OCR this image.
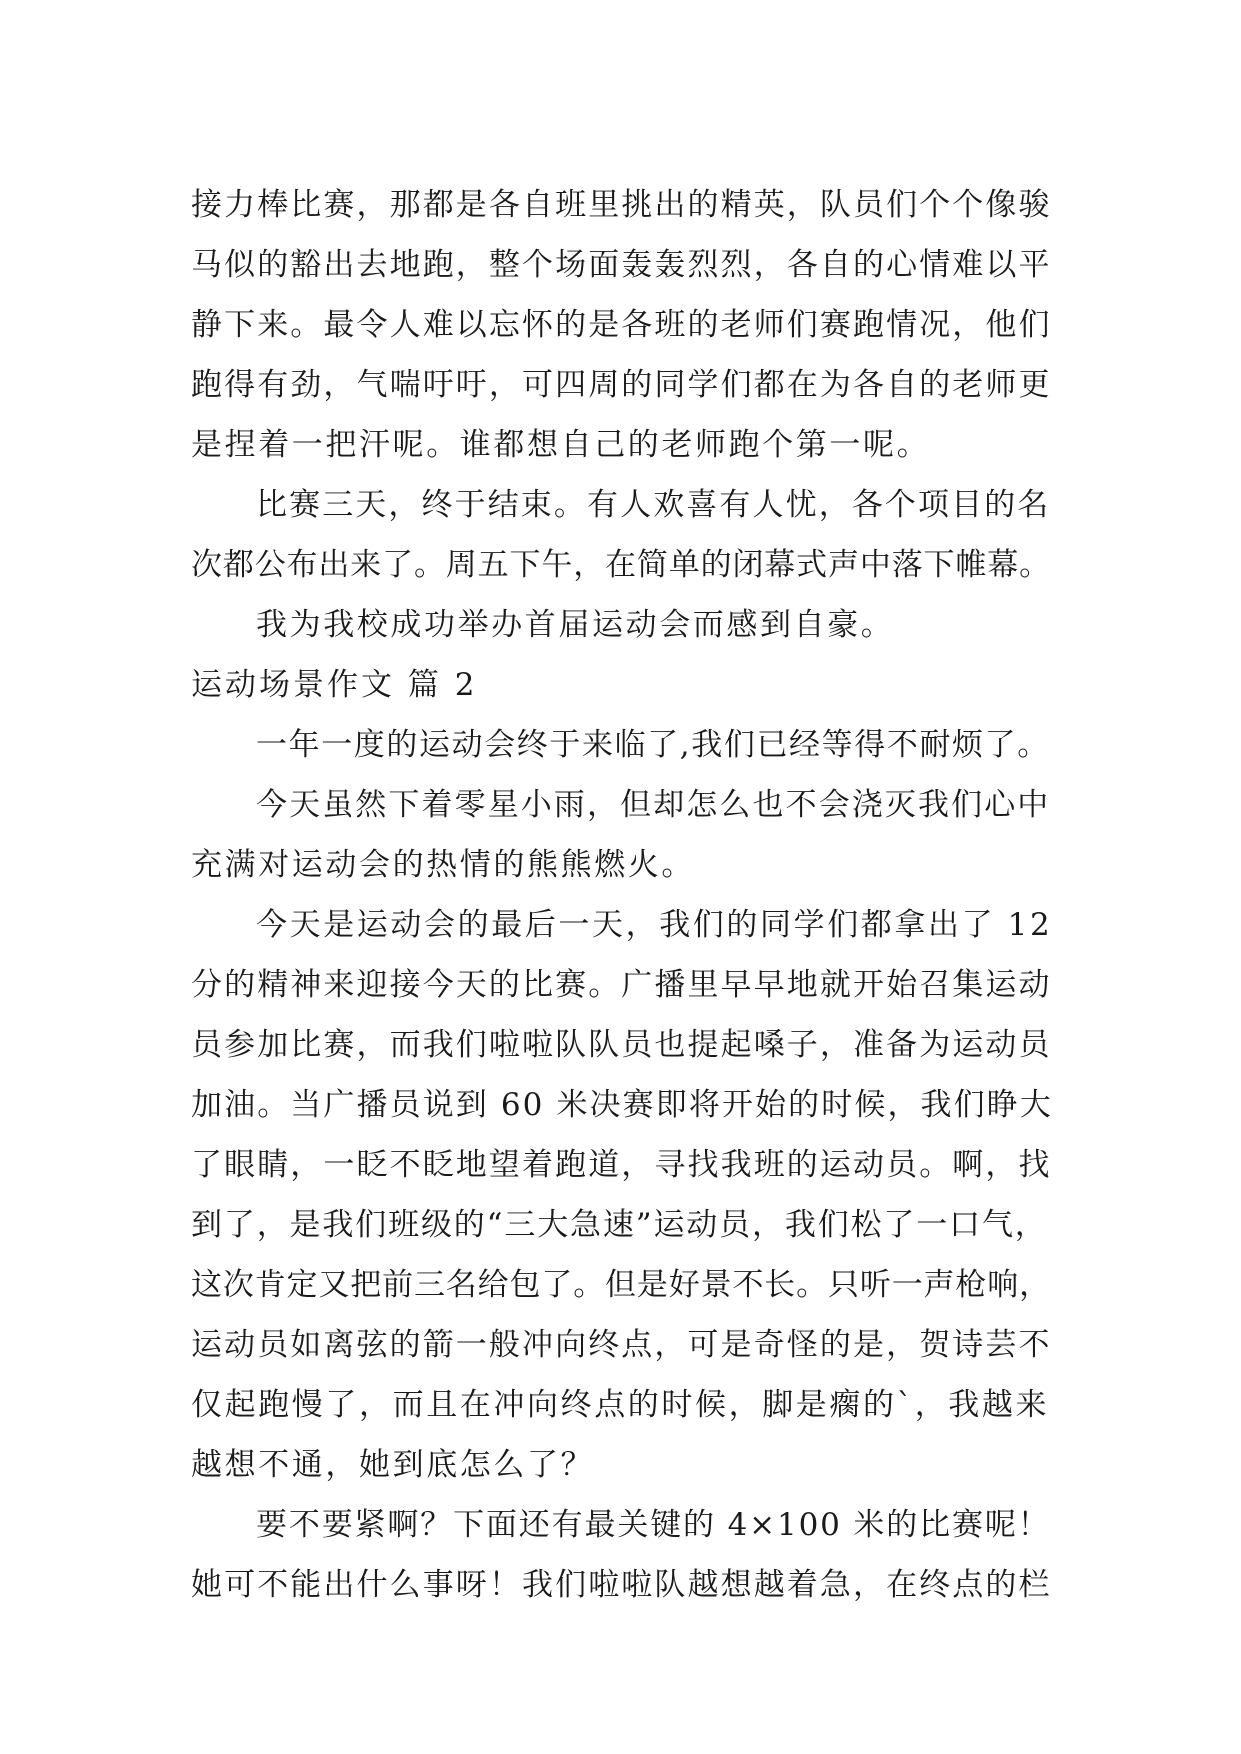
接力棒比赛，那都是各自班里挑出的精英，队员们个个像骏
马似的豁出去地跑，整个场面轰轰烈烈，各自的心情难以平
静下来。最令人难以忘怀的是各班的老师们赛跑情况，他们
跑得有劲，气喘吁吁，可四周的同学们都在为各自的老师更
是捏着一把汗呢。谁都想自己的老师跑个第一呢。
比赛三天，终于结束。有人欢喜有人忧，各个项目的名
次都公布出来了。周五下午，在简单的闭幕式声中落下帷幕。
我为我校成功举办首届运动会而感到自豪。
运动场景作文 篇 2
一年一度的运动会终于来临了,我们已经等得不耐烦了。
今天虽然下着零星小雨，但却怎么也不会浇灭我们心中
充满对运动会的热情的熊熊燃火。
今天是运动会的最后一天，我们的同学们都拿出了 12
分的精神来迎接今天的比赛。广播里早早地就开始召集运动
员参加比赛，而我们啦啦队队员也提起嗓子，准备为运动员
加油。当广播员说到 60 米决赛即将开始的时候，我们睁大
了眼睛，一眨不眨地望着跑道，寻找我班的运动员。啊，找
到了，是我们班级的“三大急速”运动员，我们松了一口气，
这次肯定又把前三名给包了。但是好景不长。只听一声枪响，
运动员如离弦的箭一般冲向终点，可是奇怪的是，贺诗芸不
仅起跑慢了，而且在冲向终点的时候，脚是瘸的`，我越来
越想不通，她到底怎么了？
要不要紧啊？下面还有最关键的 4×100 米的比赛呢！
她可不能出什么事呀！我们啦啦队越想越着急，在终点的栏
